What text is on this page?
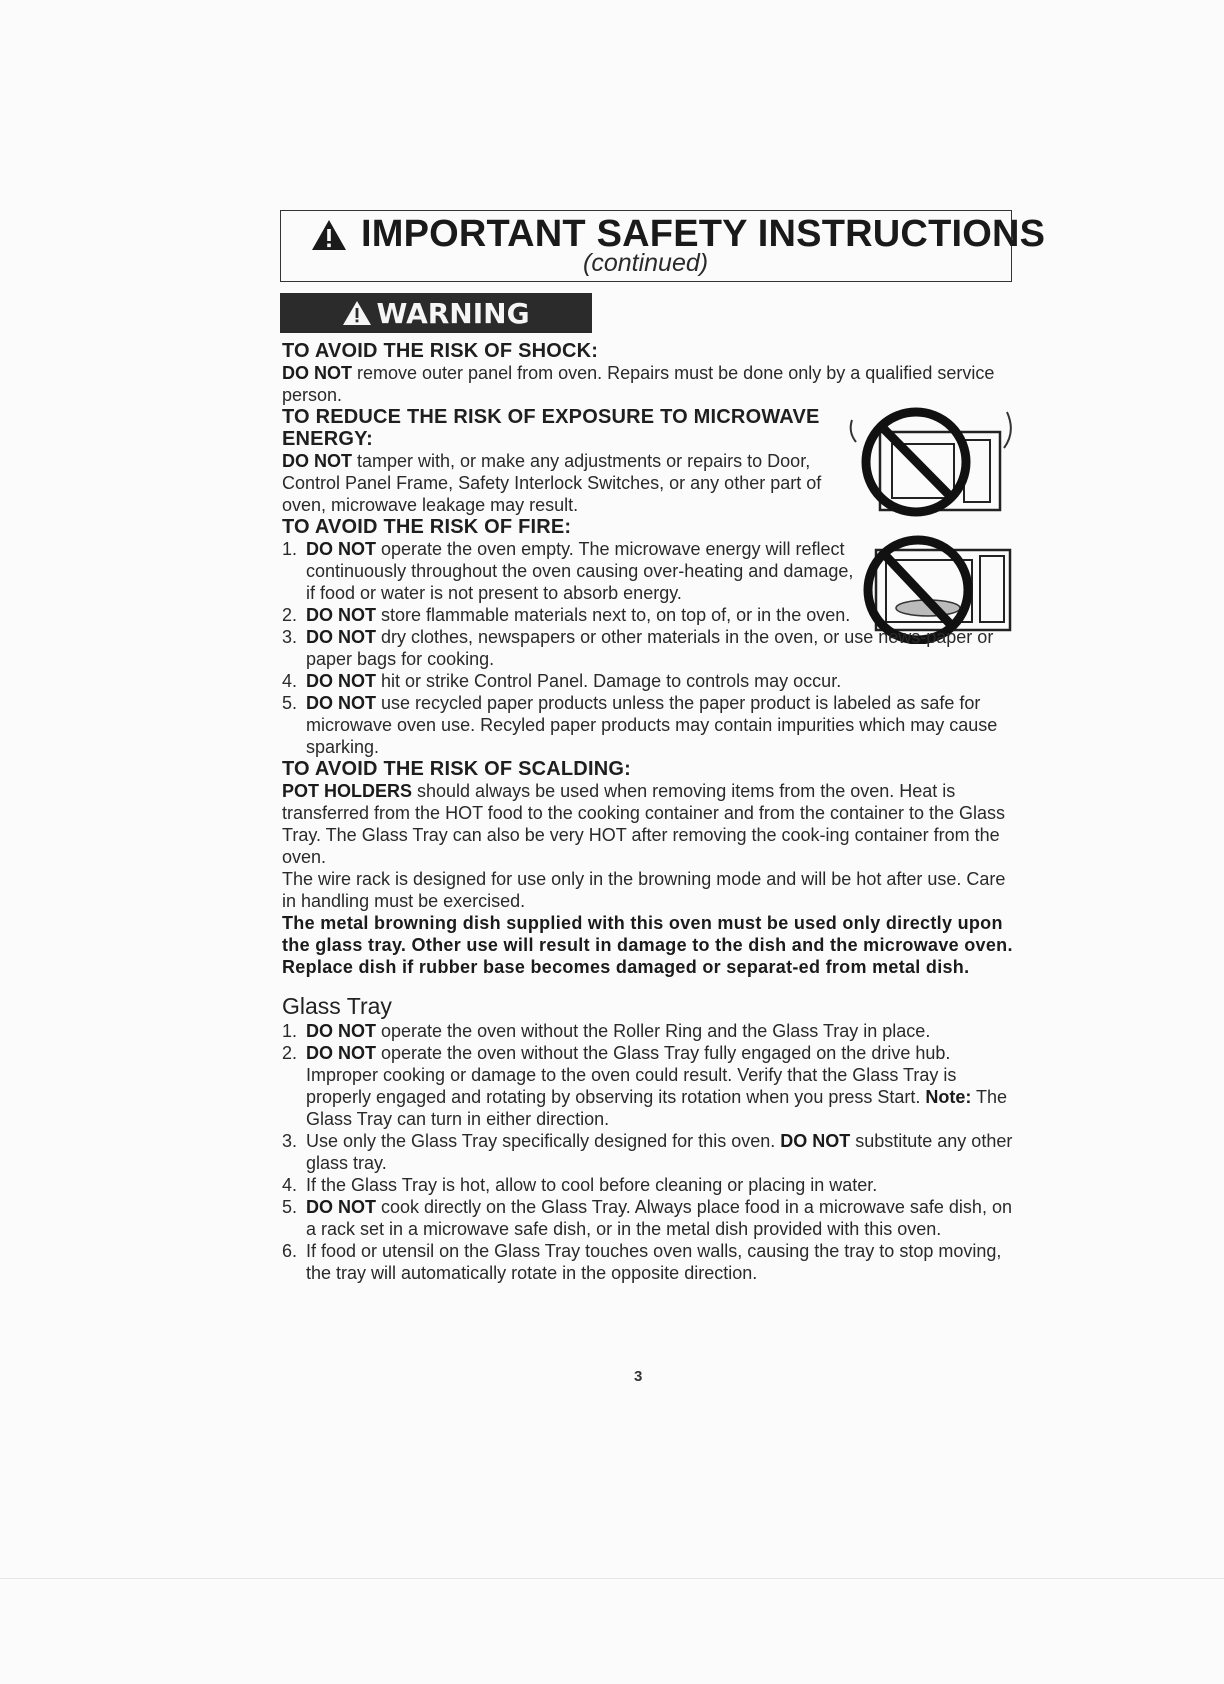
IMPORTANT SAFETY INSTRUCTIONS
(continued)
WARNING
TO AVOID THE RISK OF SHOCK:

DO NOT remove outer panel from oven. Repairs must be done only by a qualified service person.

TO REDUCE THE RISK OF EXPOSURE TO MICROWAVE ENERGY:

DO NOT tamper with, or make any adjustments or repairs to Door, Control Panel Frame, Safety Interlock Switches, or any other part of oven, microwave leakage may result.

TO AVOID THE RISK OF FIRE:
1. DO NOT operate the oven empty. The microwave energy will reflect continuously throughout the oven causing over-heating and damage, if food or water is not present to absorb energy.
2. DO NOT store flammable materials next to, on top of, or in the oven.
3. DO NOT dry clothes, newspapers or other materials in the oven, or use news-paper or paper bags for cooking.
4. DO NOT hit or strike Control Panel. Damage to controls may occur.
5. DO NOT use recycled paper products unless the paper product is labeled as safe for microwave oven use. Recyled paper products may contain impurities which may cause sparking.
TO AVOID THE RISK OF SCALDING:

POT HOLDERS should always be used when removing items from the oven. Heat is transferred from the HOT food to the cooking container and from the container to the Glass Tray. The Glass Tray can also be very HOT after removing the cook-ing container from the oven.

The wire rack is designed for use only in the browning mode and will be hot after use. Care in handling must be exercised.

The metal browning dish supplied with this oven must be used only directly upon the glass tray. Other use will result in damage to the dish and the microwave oven. Replace dish if rubber base becomes damaged or separat-ed from metal dish.

Glass Tray
1. DO NOT operate the oven without the Roller Ring and the Glass Tray in place.
2. DO NOT operate the oven without the Glass Tray fully engaged on the drive hub. Improper cooking or damage to the oven could result. Verify that the Glass Tray is properly engaged and rotating by observing its rotation when you press Start. Note: The Glass Tray can turn in either direction.
3. Use only the Glass Tray specifically designed for this oven. DO NOT substitute any other glass tray.
4. If the Glass Tray is hot, allow to cool before cleaning or placing in water.
5. DO NOT cook directly on the Glass Tray. Always place food in a microwave safe dish, on a rack set in a microwave safe dish, or in the metal dish provided with this oven.
6. If food or utensil on the Glass Tray touches oven walls, causing the tray to stop moving, the tray will automatically rotate in the opposite direction.
3
